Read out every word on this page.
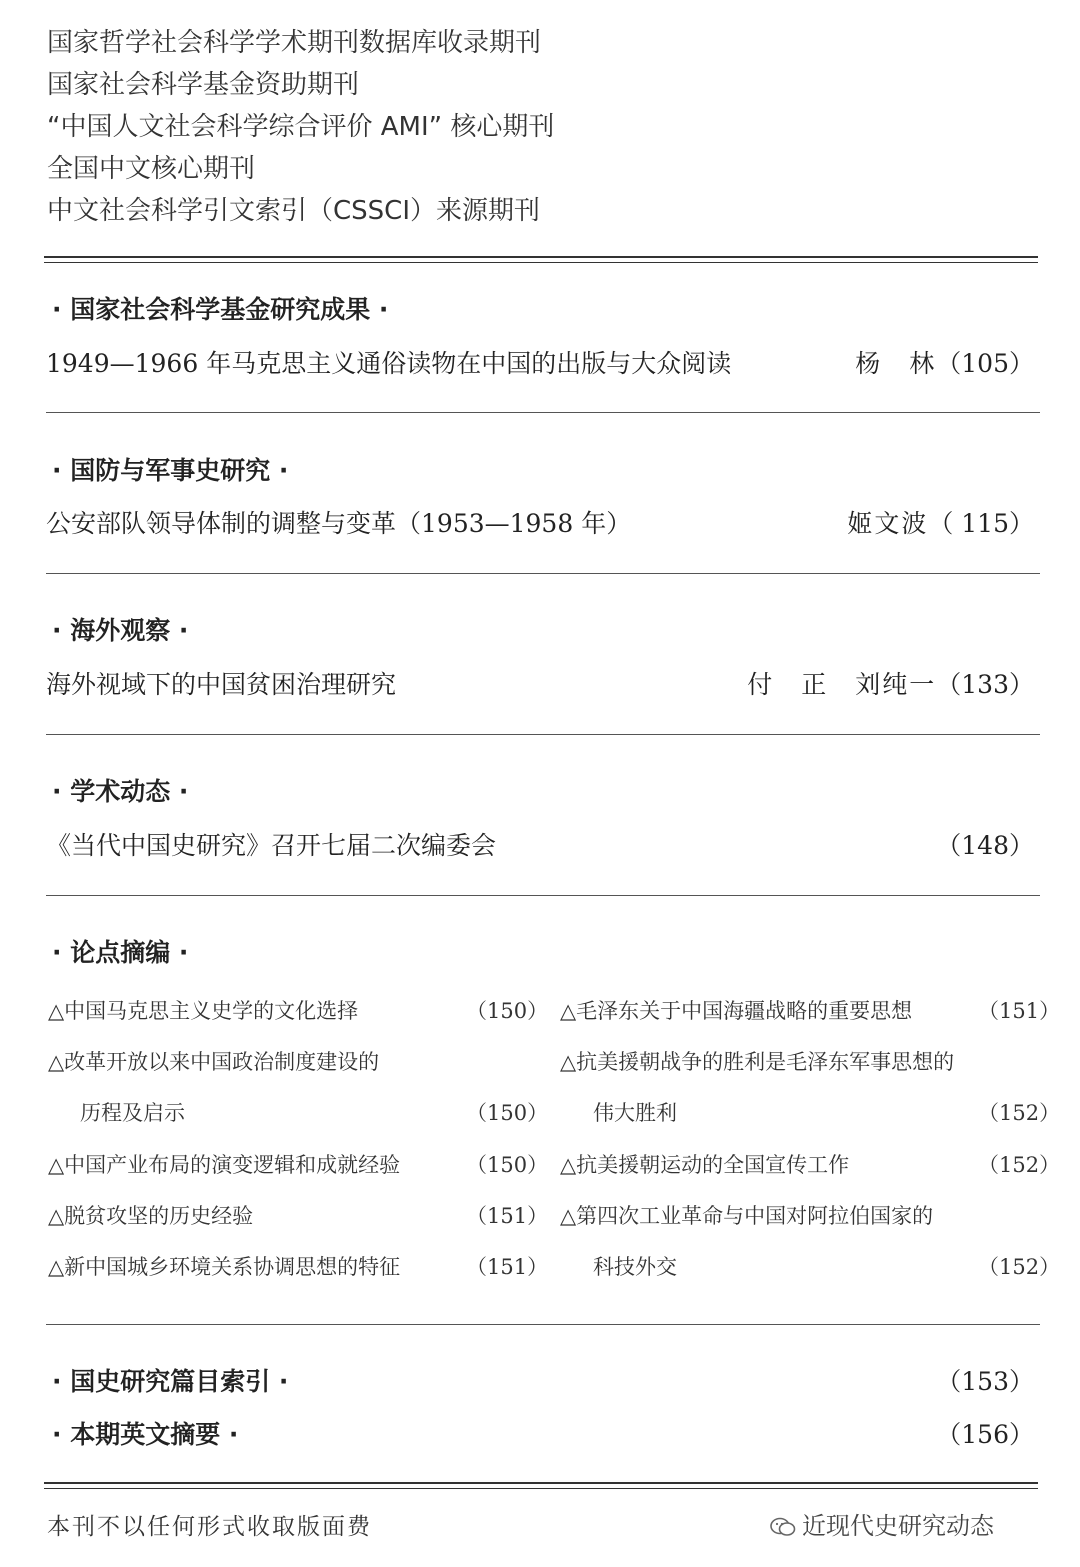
国家哲学社会科学学术期刊数据库收录期刊
国家社会科学基金资助期刊
“中国人文社会科学综合评价 AMI” 核心期刊
全国中文核心期刊
中文社会科学引文索引（CSSCI）来源期刊
· 国家社会科学基金研究成果 ·
1949—1966 年马克思主义通俗读物在中国的出版与大众阅读	杨　林（105）
· 国防与军事史研究 ·
公安部队领导体制的调整与变革（1953—1958 年）	姬文波（ 115）
· 海外观察 ·
海外视域下的中国贫困治理研究	付　正　刘纯一（133）
· 学术动态 ·
《当代中国史研究》召开七届二次编委会	（148）
· 论点摘编 ·
△中国马克思主义史学的文化选择	（150）
△改革开放以来中国政治制度建设的
历程及启示	（150）
△中国产业布局的演变逻辑和成就经验	（150）
△脱贫攻坚的历史经验	（151）
△新中国城乡环境关系协调思想的特征	（151）
△毛泽东关于中国海疆战略的重要思想	（151）
△抗美援朝战争的胜利是毛泽东军事思想的
伟大胜利	（152）
△抗美援朝运动的全国宣传工作	（152）
△第四次工业革命与中国对阿拉伯国家的
科技外交	（152）
· 国史研究篇目索引 ·	（153）
· 本期英文摘要 ·	（156）
本刊不以任何形式收取版面费	近现代史研究动态
